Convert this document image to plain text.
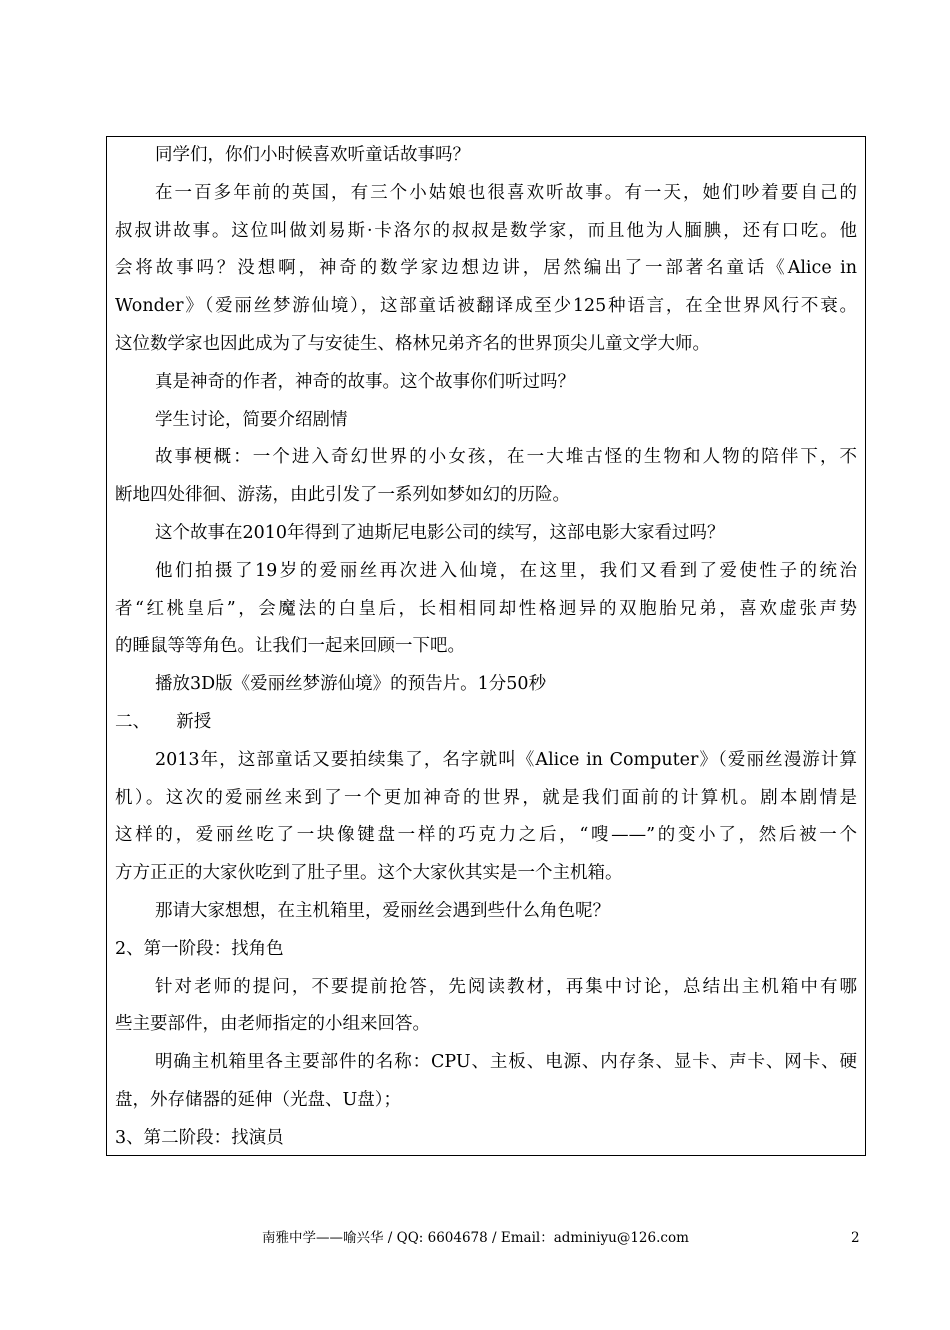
同学们，你们小时候喜欢听童话故事吗？
在一百多年前的英国，有三个小姑娘也很喜欢听故事。有一天，她们吵着要自己的
叔叔讲故事。这位叫做刘易斯·卡洛尔的叔叔是数学家，而且他为人腼腆，还有口吃。他
会将故事吗？没想啊，神奇的数学家边想边讲，居然编出了一部著名童话《Alice in
Wonder》（爱丽丝梦游仙境），这部童话被翻译成至少125种语言，在全世界风行不衰。
这位数学家也因此成为了与安徒生、格林兄弟齐名的世界顶尖儿童文学大师。
真是神奇的作者，神奇的故事。这个故事你们听过吗？
学生讨论，简要介绍剧情
故事梗概：一个进入奇幻世界的小女孩，在一大堆古怪的生物和人物的陪伴下，不
断地四处徘徊、游荡，由此引发了一系列如梦如幻的历险。
这个故事在2010年得到了迪斯尼电影公司的续写，这部电影大家看过吗？
他们拍摄了19岁的爱丽丝再次进入仙境，在这里，我们又看到了爱使性子的统治
者“红桃皇后”，会魔法的白皇后，长相相同却性格迥异的双胞胎兄弟，喜欢虚张声势
的睡鼠等等角色。让我们一起来回顾一下吧。
播放3D版《爱丽丝梦游仙境》的预告片。1分50秒
二、　　新授
2013年，这部童话又要拍续集了，名字就叫《Alice in Computer》（爱丽丝漫游计算
机）。这次的爱丽丝来到了一个更加神奇的世界，就是我们面前的计算机。剧本剧情是
这样的，爱丽丝吃了一块像键盘一样的巧克力之后，“嗖——”的变小了，然后被一个
方方正正的大家伙吃到了肚子里。这个大家伙其实是一个主机箱。
那请大家想想，在主机箱里，爱丽丝会遇到些什么角色呢？
2、第一阶段：找角色
针对老师的提问，不要提前抢答，先阅读教材，再集中讨论，总结出主机箱中有哪
些主要部件，由老师指定的小组来回答。
明确主机箱里各主要部件的名称：CPU、主板、电源、内存条、显卡、声卡、网卡、硬
盘，外存储器的延伸（光盘、U盘）；
3、第二阶段：找演员
南雅中学——喻兴华 / QQ: 6604678 / Email：adminiyu@126.com	2
